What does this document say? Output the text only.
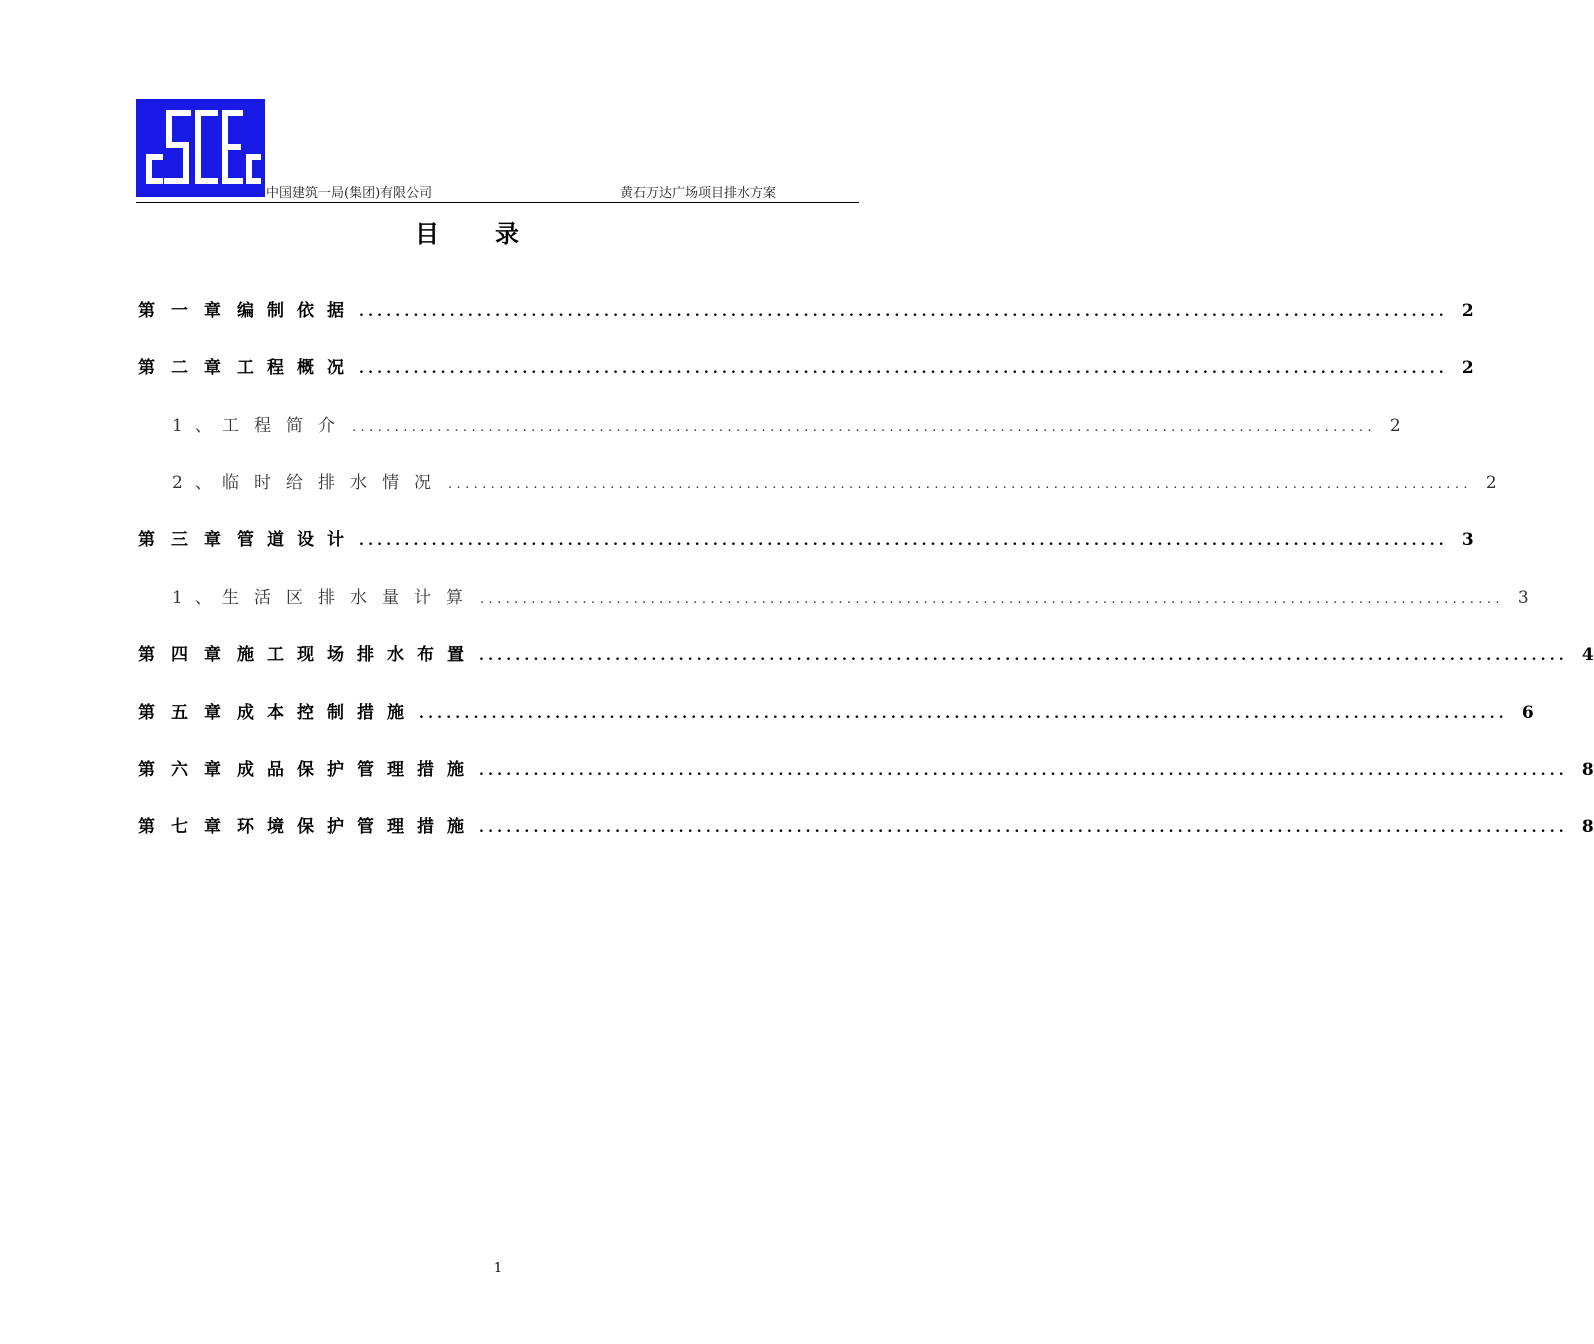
cSCEc
中国建筑一局(集团)有限公司	黄石万达广场项目排水方案
目录
第一章 编制依据 ........................................................................................................................ 2
第二章 工程概况 ........................................................................................................................ 2
1、
工程简介 ........................................................................................................................ 2
2、
临时给排水情况 ........................................................................................................................ 2
第三章 管道设计 ........................................................................................................................ 3
1、
生活区排水量计算 ........................................................................................................................ 3
第四章 施工现场排水布置 ........................................................................................................................ 4
第五章 成本控制措施 ........................................................................................................................ 6
第六章 成品保护管理措施 ........................................................................................................................ 8
第七章 环境保护管理措施 ........................................................................................................................ 8
1
